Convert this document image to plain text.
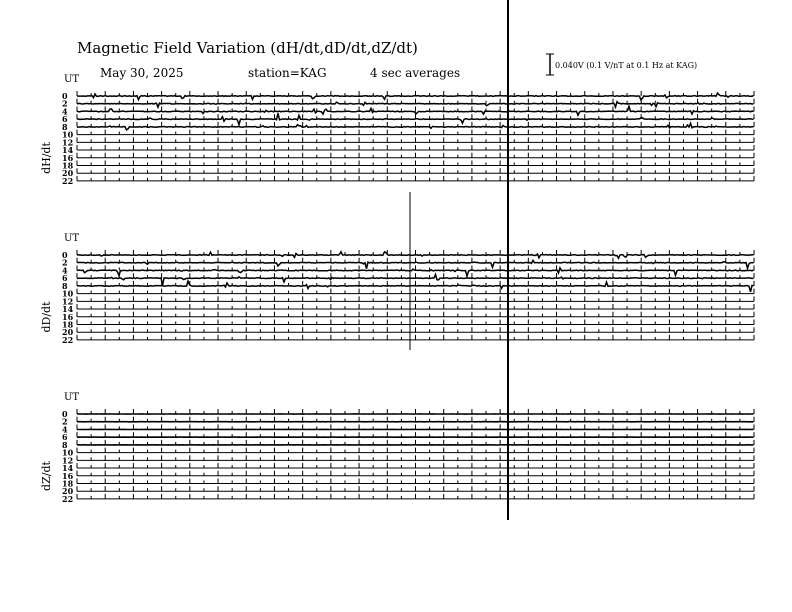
Magnetic Field Variation (dH/dt,dD/dt,dZ/dt)
May 30, 2025	station=KAG	4 sec averages
0.040V (0.1 V/nT at 0.1 Hz at KAG)
UT
dH/dt
0
2
4
6
8
10
12
14
16
18
20
22
UT
dD/dt
0
2
4
6
8
10
12
14
16
18
20
22
UT
dZ/dt
0
2
4
6
8
10
12
14
16
18
20
22
